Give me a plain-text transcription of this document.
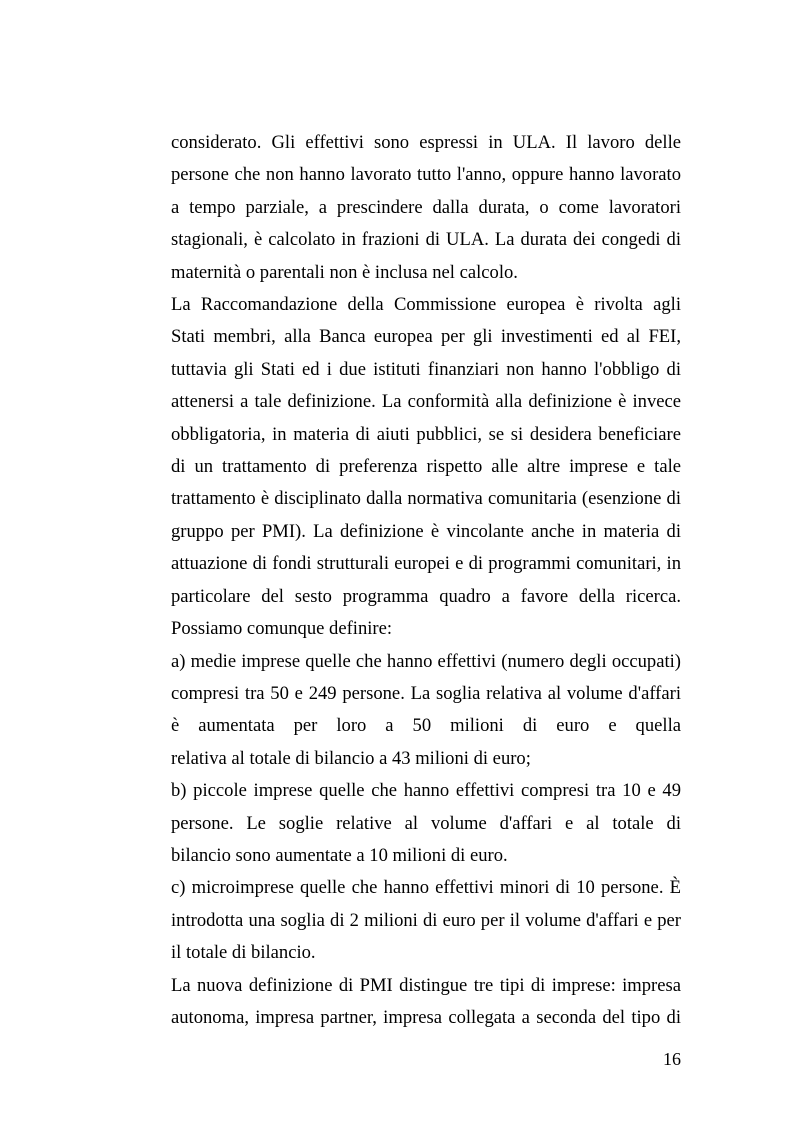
considerato. Gli effettivi sono espressi in ULA. Il lavoro delle
persone che non hanno lavorato tutto l'anno, oppure hanno lavorato
a tempo parziale, a prescindere dalla durata, o come lavoratori
stagionali, è calcolato in frazioni di ULA. La durata dei congedi di
maternità o parentali non è inclusa nel calcolo.
La Raccomandazione della Commissione europea è rivolta agli
Stati membri, alla Banca europea per gli investimenti ed al FEI,
tuttavia gli Stati ed i due istituti finanziari non hanno l'obbligo di
attenersi a tale definizione. La conformità alla definizione è invece
obbligatoria, in materia di aiuti pubblici, se si desidera beneficiare
di un trattamento di preferenza rispetto alle altre imprese e tale
trattamento è disciplinato dalla normativa comunitaria (esenzione di
gruppo per PMI). La definizione è vincolante anche in materia di
attuazione di fondi strutturali europei e di programmi comunitari, in
particolare del sesto programma quadro a favore della ricerca.
Possiamo comunque definire:
a) medie imprese quelle che hanno effettivi (numero degli occupati)
compresi tra 50 e 249 persone. La soglia relativa al volume d'affari
è aumentata per loro a 50 milioni di euro e quella
relativa al totale di bilancio a 43 milioni di euro;
b) piccole imprese quelle che hanno effettivi compresi tra 10 e 49
persone. Le soglie relative al volume d'affari e al totale di
bilancio sono aumentate a 10 milioni di euro.
c) microimprese quelle che hanno effettivi minori di 10 persone. È
introdotta una soglia di 2 milioni di euro per il volume d'affari e per
il totale di bilancio.
La nuova definizione di PMI distingue tre tipi di imprese: impresa
autonoma, impresa partner, impresa collegata a seconda del tipo di
16
